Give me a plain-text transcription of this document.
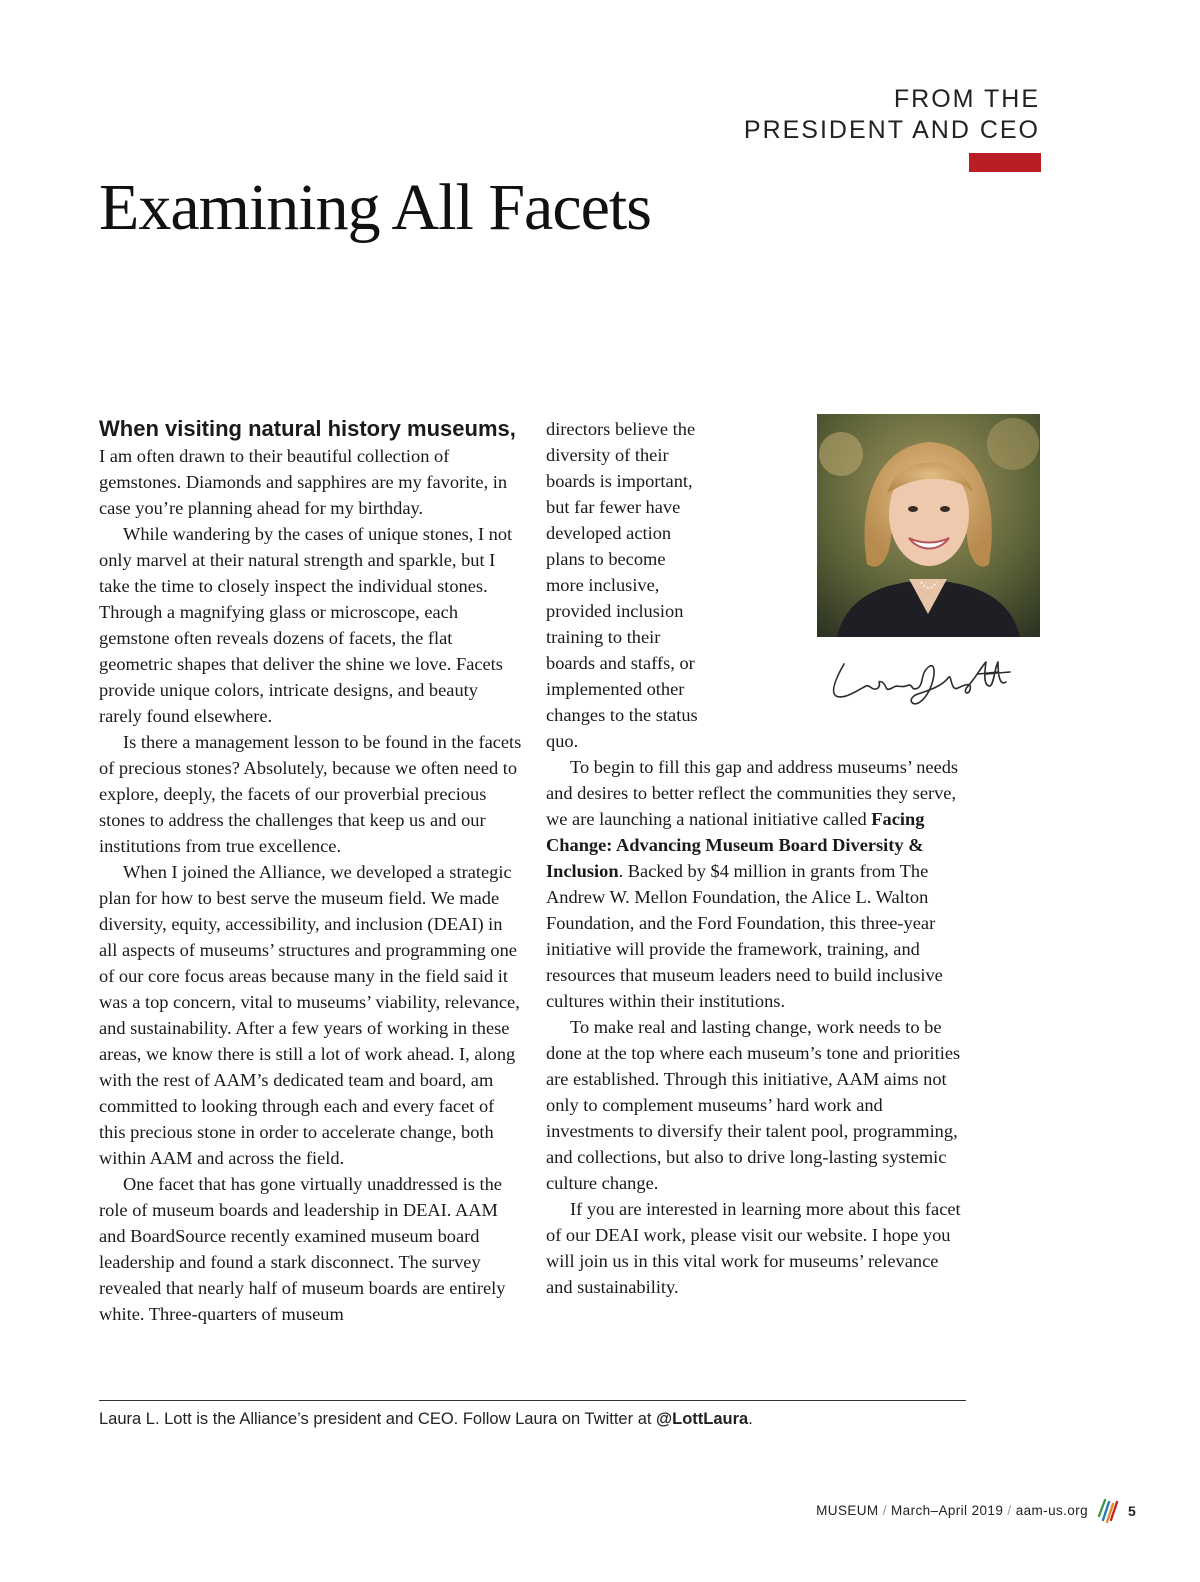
FROM THE
PRESIDENT AND CEO
Examining All Facets

When visiting natural history museums, I am often drawn to their beautiful collection of gemstones. Diamonds and sapphires are my favorite, in case you’re planning ahead for my birthday.

While wandering by the cases of unique stones, I not only marvel at their natural strength and sparkle, but I take the time to closely inspect the individual stones. Through a magnifying glass or microscope, each gemstone often reveals dozens of facets, the flat geometric shapes that deliver the shine we love. Facets provide unique colors, intricate designs, and beauty rarely found elsewhere.

Is there a management lesson to be found in the facets of precious stones? Absolutely, because we often need to explore, deeply, the facets of our proverbial precious stones to address the challenges that keep us and our institutions from true excellence.

When I joined the Alliance, we developed a strategic plan for how to best serve the museum field. We made diversity, equity, accessibility, and inclusion (DEAI) in all aspects of museums’ structures and programming one of our core focus areas because many in the field said it was a top concern, vital to museums’ viability, relevance, and sustainability. After a few years of working in these areas, we know there is still a lot of work ahead. I, along with the rest of AAM’s dedicated team and board, am committed to looking through each and every facet of this precious stone in order to accelerate change, both within AAM and across the field.

One facet that has gone virtually unaddressed is the role of museum boards and leadership in DEAI. AAM and BoardSource recently examined museum board leadership and found a stark disconnect. The survey revealed that nearly half of museum boards are entirely white. Three-quarters of museum

directors believe the diversity of their boards is important, but far fewer have developed action plans to become more inclusive, provided inclusion training to their boards and staffs, or implemented other changes to the status quo.

To begin to fill this gap and address museums’ needs and desires to better reflect the communities they serve, we are launching a national initiative called Facing Change: Advancing Museum Board Diversity & Inclusion. Backed by $4 million in grants from The Andrew W. Mellon Foundation, the Alice L. Walton Foundation, and the Ford Foundation, this three-year initiative will provide the framework, training, and resources that museum leaders need to build inclusive cultures within their institutions.

To make real and lasting change, work needs to be done at the top where each museum’s tone and priorities are established. Through this initiative, AAM aims not only to complement museums’ hard work and investments to diversify their talent pool, programming, and collections, but also to drive long-lasting systemic culture change.

If you are interested in learning more about this facet of our DEAI work, please visit our website. I hope you will join us in this vital work for museums’ relevance and sustainability.

Laura L. Lott is the Alliance’s president and CEO. Follow Laura on Twitter at @LottLaura.
MUSEUM / March–April 2019 / aam-us.org	5
